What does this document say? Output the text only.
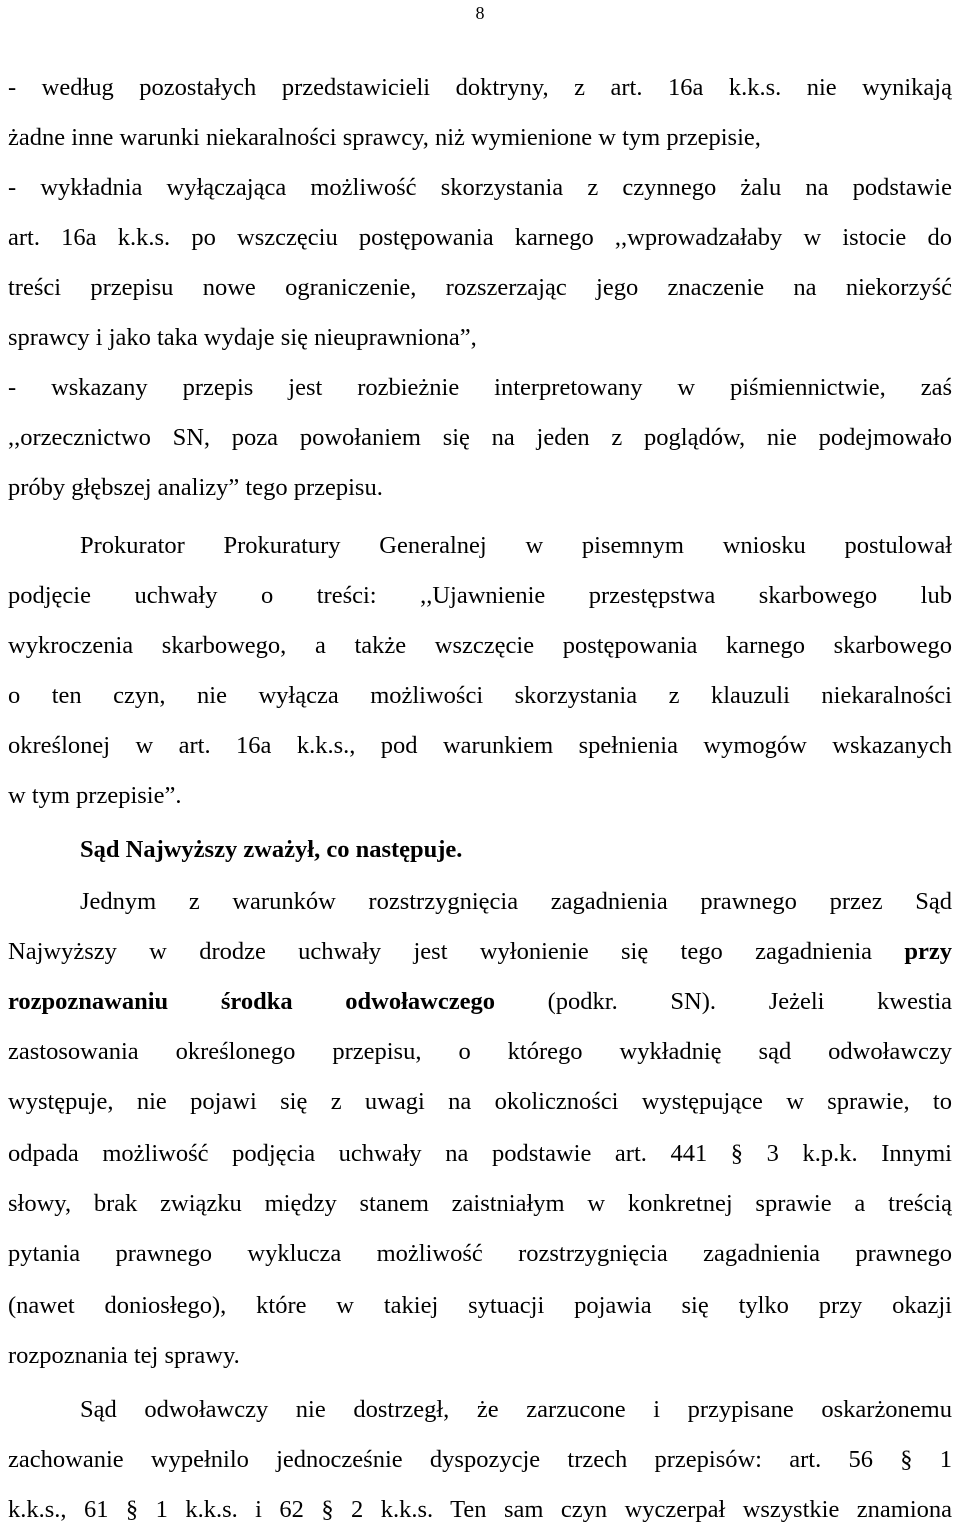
8
- według pozostałych przedstawicieli doktryny, z art. 16a k.k.s. nie wynikają
żadne inne warunki niekaralności sprawcy, niż wymienione w tym przepisie,
- wykładnia wyłączająca możliwość skorzystania z czynnego żalu na podstawie
art. 16a k.k.s. po wszczęciu postępowania karnego ,,wprowadzałaby w istocie do
treści przepisu nowe ograniczenie, rozszerzając jego znaczenie na niekorzyść
sprawcy i jako taka wydaje się nieuprawniona”,
- wskazany przepis jest rozbieżnie interpretowany w piśmiennictwie, zaś
,,orzecznictwo SN, poza powołaniem się na jeden z poglądów, nie podejmowało
próby głębszej analizy” tego przepisu.
Prokurator Prokuratury Generalnej w pisemnym wniosku postulował
podjęcie uchwały o treści: ,,Ujawnienie przestępstwa skarbowego lub
wykroczenia skarbowego, a także wszczęcie postępowania karnego skarbowego
o ten czyn, nie wyłącza możliwości skorzystania z klauzuli niekaralności
określonej w art. 16a k.k.s., pod warunkiem spełnienia wymogów wskazanych
w tym przepisie”.
Sąd Najwyższy zważył, co następuje.
Jednym z warunków rozstrzygnięcia zagadnienia prawnego przez Sąd
Najwyższy w drodze uchwały jest wyłonienie się tego zagadnienia przy
rozpoznawaniu środka odwoławczego (podkr. SN). Jeżeli kwestia
zastosowania określonego przepisu, o którego wykładnię sąd odwoławczy
występuje, nie pojawi się z uwagi na okoliczności występujące w sprawie, to
odpada możliwość podjęcia uchwały na podstawie art. 441 § 3 k.p.k. Innymi
słowy, brak związku między stanem zaistniałym w konkretnej sprawie a treścią
pytania prawnego wyklucza możliwość rozstrzygnięcia zagadnienia prawnego
(nawet doniosłego), które w takiej sytuacji pojawia się tylko przy okazji
rozpoznania tej sprawy.
Sąd odwoławczy nie dostrzegł, że zarzucone i przypisane oskarżonemu
zachowanie wypełnilo jednocześnie dyspozycje trzech przepisów: art. 56 § 1
k.k.s., 61 § 1 k.k.s. i 62 § 2 k.k.s. Ten sam czyn wyczerpał wszystkie znamiona
